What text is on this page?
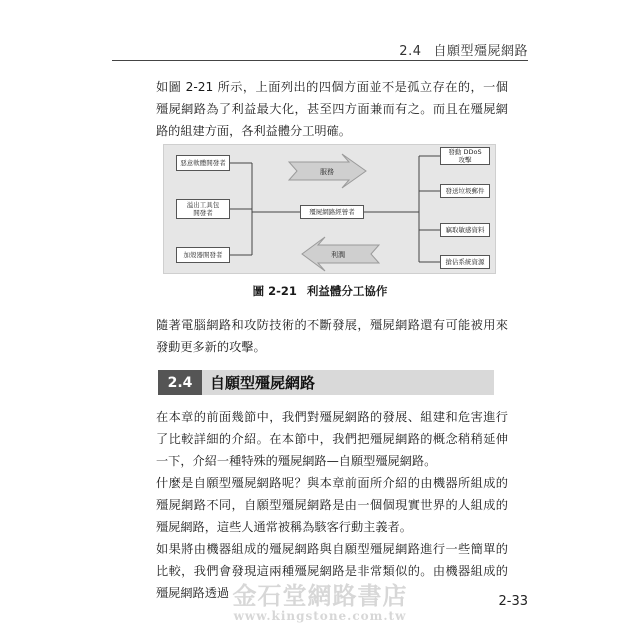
2.4 自願型殭屍網路

如圖 2-21 所示，上面列出的四個方面並不是孤立存在的，一個殭屍網路為了利益最大化，甚至四方面兼而有之。而且在殭屍網路的組建方面，各利益體分工明確。

惡意軟體開發者
溢出工具包
開發者
加殼器開發者
殭屍網路經營者
發動 DDoS
攻擊
發送垃圾郵件
竊取敏感資料
搶佔系統資源
服務
利潤
圖 2-21 利益體分工協作

隨著電腦網路和攻防技術的不斷發展，殭屍網路還有可能被用來發動更多新的攻擊。

2.4	自願型殭屍網路

在本章的前面幾節中，我們對殭屍網路的發展、組建和危害進行了比較詳細的介紹。在本節中，我們把殭屍網路的概念稍稍延伸一下，介紹一種特殊的殭屍網路—自願型殭屍網路。

什麼是自願型殭屍網路呢？與本章前面所介紹的由機器所組成的殭屍網路不同，自願型殭屍網路是由一個個現實世界的人組成的殭屍網路，這些人通常被稱為駭客行動主義者。

如果將由機器組成的殭屍網路與自願型殭屍網路進行一些簡單的比較，我們會發現這兩種殭屍網路是非常類似的。由機器組成的殭屍網路透過 金石堂網路書店
www.kingstone.com.tw
2-33
